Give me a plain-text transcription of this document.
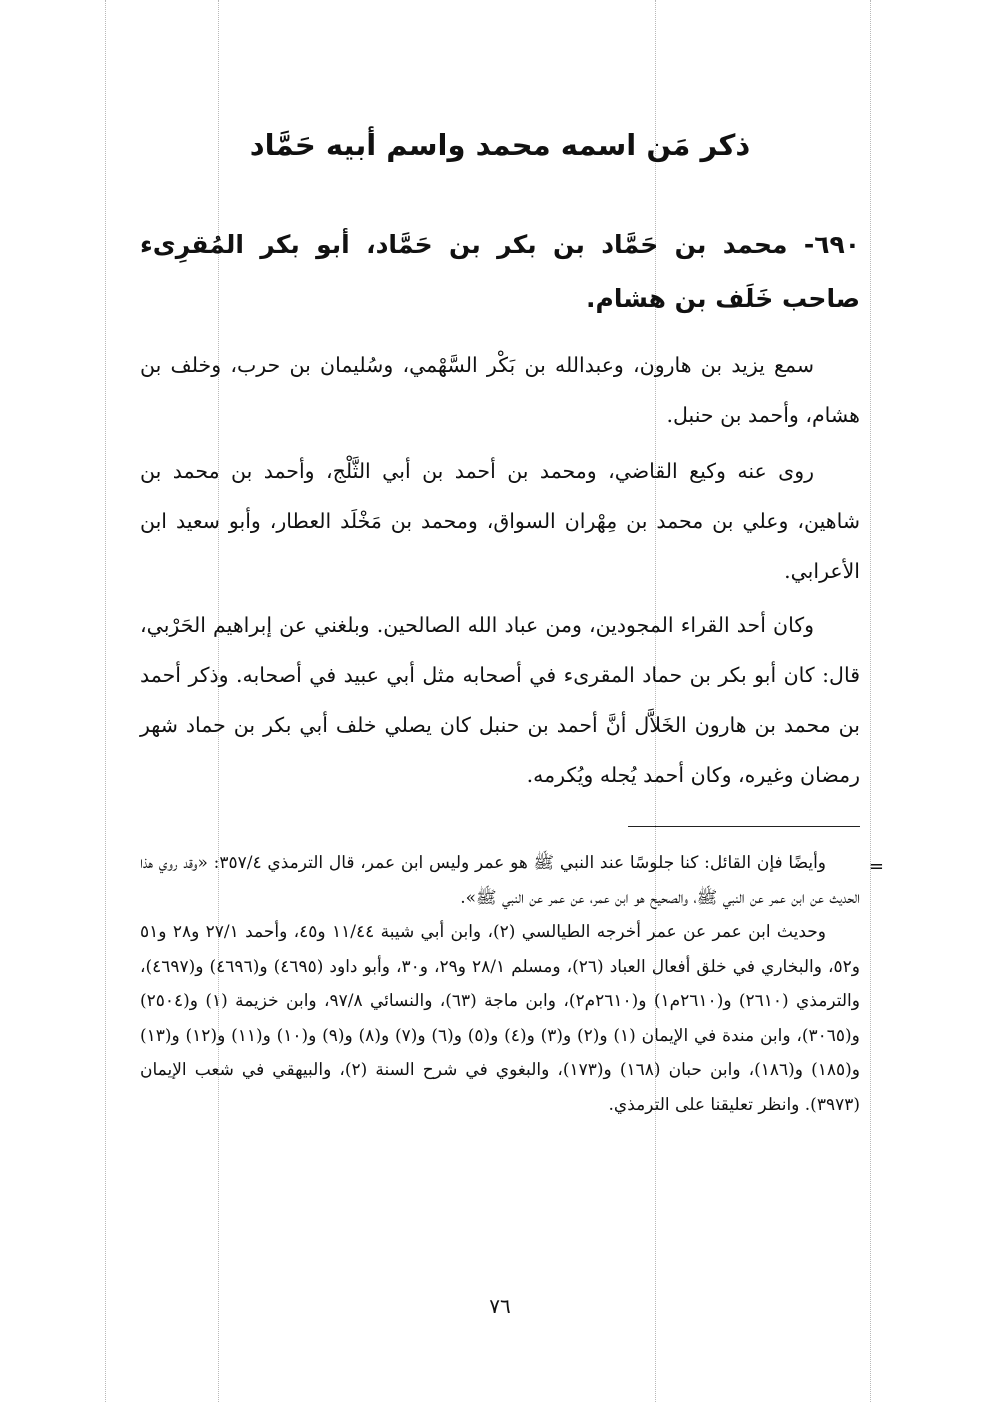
ذكر مَن اسمه محمد واسم أبيه حَمَّاد
٦٩٠- محمد بن حَمَّاد بن بكر بن حَمَّاد، أبو بكر المُقرِىء صاحب خَلَف بن هشام.

سمع يزيد بن هارون، وعبدالله بن بَكْر السَّهْمي، وسُليمان بن حرب، وخلف بن هشام، وأحمد بن حنبل.

روى عنه وكيع القاضي، ومحمد بن أحمد بن أبي الثَّلْج، وأحمد بن محمد بن شاهين، وعلي بن محمد بن مِهْران السواق، ومحمد بن مَخْلَد العطار، وأبو سعيد ابن الأعرابي.

وكان أحد القراء المجودين، ومن عباد الله الصالحين. وبلغني عن إبراهيم الحَرْبي، قال: كان أبو بكر بن حماد المقرىء في أصحابه مثل أبي عبيد في أصحابه. وذكر أحمد بن محمد بن هارون الخَلاَّل أنَّ أحمد بن حنبل كان يصلي خلف أبي بكر بن حماد شهر رمضان وغيره، وكان أحمد يُجله ويُكرمه.

=

وأيضًا فإن القائل: كنا جلوسًا عند النبي ﷺ هو عمر وليس ابن عمر، قال الترمذي ٣٥٧/٤: «وقد روي هذا الحديث عن ابن عمر عن النبي ﷺ، والصحيح هو ابن عمر، عن عمر عن النبي ﷺ».

وحديث ابن عمر عن عمر أخرجه الطيالسي (٢)، وابن أبي شيبة ١١/٤٤ و٤٥، وأحمد ٢٧/١ و٢٨ و٥١ و٥٢، والبخاري في خلق أفعال العباد (٢٦)، ومسلم ٢٨/١ و٢٩، و٣٠، وأبو داود (٤٦٩٥) و(٤٦٩٦) و(٤٦٩٧)، والترمذي (٢٦١٠) و(٢٦١٠م١) و(٢٦١٠م٢)، وابن ماجة (٦٣)، والنسائي ٩٧/٨، وابن خزيمة (١) و(٢٥٠٤) و(٣٠٦٥)، وابن مندة في الإيمان (١) و(٢) و(٣) و(٤) و(٥) و(٦) و(٧) و(٨) و(٩) و(١٠) و(١١) و(١٢) و(١٣) و(١٨٥) و(١٨٦)، وابن حبان (١٦٨) و(١٧٣)، والبغوي في شرح السنة (٢)، والبيهقي في شعب الإيمان (٣٩٧٣). وانظر تعليقنا على الترمذي.

٧٦
